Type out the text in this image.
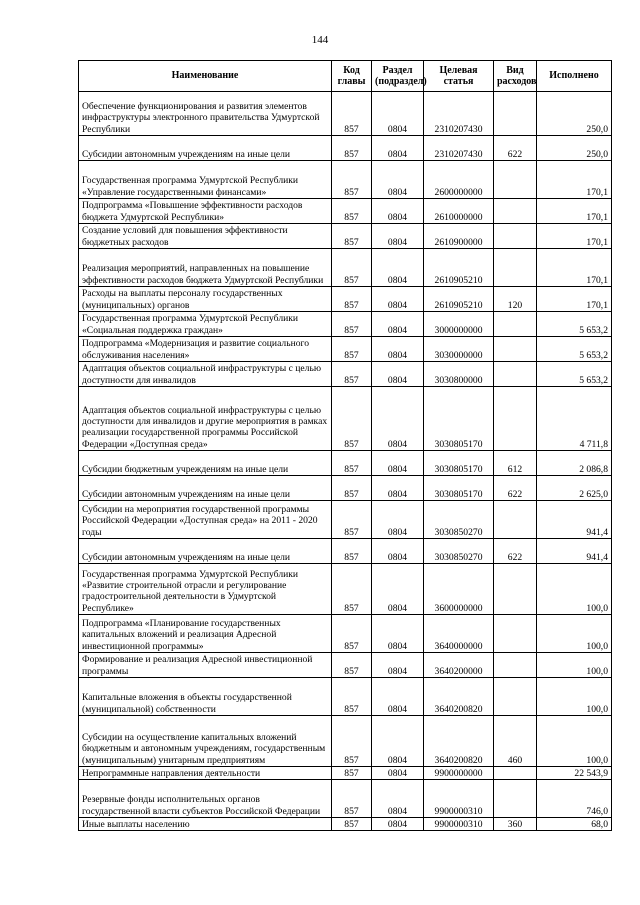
144
Наименование	Код главы	Раздел (подраздел)	Целевая статья	Вид расходов	Исполнено
Обеспечение функционирования и развития элементов инфраструктуры электронного правительства Удмуртской Республики	857	0804	2310207430		250,0
Субсидии автономным учреждениям на иные цели	857	0804	2310207430	622	250,0
Государственная программа Удмуртской Республики «Управление государственными финансами»	857	0804	2600000000		170,1
Подпрограмма «Повышение эффективности расходов бюджета Удмуртской Республики»	857	0804	2610000000		170,1
Создание условий для повышения эффективности бюджетных расходов	857	0804	2610900000		170,1
Реализация мероприятий, направленных на повышение эффективности расходов бюджета Удмуртской Республики	857	0804	2610905210		170,1
Расходы на выплаты персоналу государственных (муниципальных) органов	857	0804	2610905210	120	170,1
Государственная программа Удмуртской Республики «Социальная поддержка граждан»	857	0804	3000000000		5 653,2
Подпрограмма «Модернизация и развитие социального обслуживания населения»	857	0804	3030000000		5 653,2
Адаптация объектов социальной инфраструктуры с целью доступности для инвалидов	857	0804	3030800000		5 653,2
Адаптация объектов социальной инфраструктуры с целью доступности для инвалидов и другие мероприятия в рамках реализации государственной программы Российской Федерации «Доступная среда»	857	0804	3030805170		4 711,8
Субсидии бюджетным учреждениям на иные цели	857	0804	3030805170	612	2 086,8
Субсидии автономным учреждениям на иные цели	857	0804	3030805170	622	2 625,0
Субсидии на мероприятия государственной программы Российской Федерации «Доступная среда» на 2011 - 2020 годы	857	0804	3030850270		941,4
Субсидии автономным учреждениям на иные цели	857	0804	3030850270	622	941,4
Государственная программа Удмуртской Республики «Развитие строительной отрасли и регулирование градостроительной деятельности в Удмуртской Республике»	857	0804	3600000000		100,0
Подпрограмма «Планирование государственных капитальных вложений и реализация Адресной инвестиционной программы»	857	0804	3640000000		100,0
Формирование и реализация Адресной инвестиционной программы	857	0804	3640200000		100,0
Капитальные вложения в объекты государственной (муниципальной) собственности	857	0804	3640200820		100,0
Субсидии на осуществление капитальных вложений бюджетным и автономным учреждениям, государственным (муниципальным) унитарным предприятиям	857	0804	3640200820	460	100,0
Непрограммные направления деятельности	857	0804	9900000000		22 543,9
Резервные фонды исполнительных органов государственной власти субъектов Российской Федерации	857	0804	9900000310		746,0
Иные выплаты населению	857	0804	9900000310	360	68,0
